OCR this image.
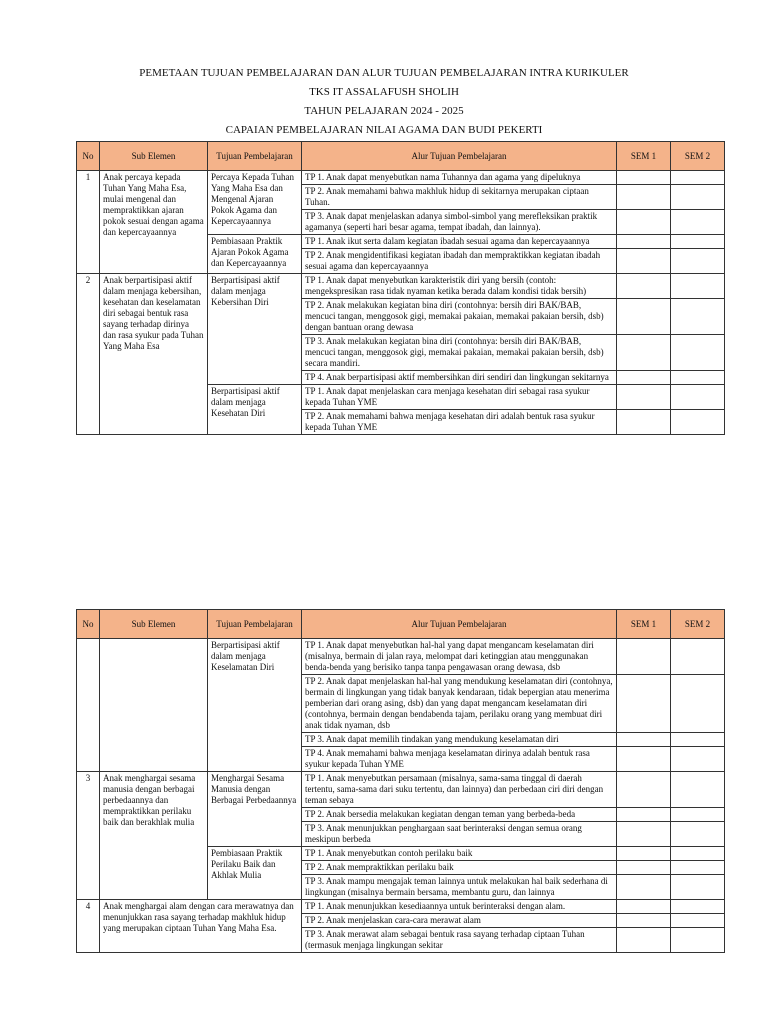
PEMETAAN TUJUAN PEMBELAJARAN DAN ALUR TUJUAN PEMBELAJARAN INTRA KURIKULER
TKS IT ASSALAFUSH SHOLIH
TAHUN PELAJARAN 2024 - 2025
CAPAIAN PEMBELAJARAN NILAI AGAMA DAN BUDI PEKERTI
No	Sub Elemen	Tujuan Pembelajaran	Alur Tujuan Pembelajaran	SEM 1	SEM 2
1	Anak percaya kepada Tuhan Yang Maha Esa, mulai mengenal dan mempraktikkan ajaran pokok sesuai dengan agama dan kepercayaannya	Percaya Kepada Tuhan Yang Maha Esa dan Mengenal Ajaran Pokok Agama dan Kepercayaannya	TP 1. Anak dapat menyebutkan nama Tuhannya dan agama yang dipeluknya		
			TP 2. Anak memahami bahwa makhluk hidup di sekitarnya merupakan ciptaan Tuhan.		
			TP 3. Anak dapat menjelaskan adanya simbol-simbol yang merefleksikan praktik agamanya (seperti hari besar agama, tempat ibadah, dan lainnya).		
		Pembiasaan Praktik Ajaran Pokok Agama dan Kepercayaannya	TP 1. Anak ikut serta dalam kegiatan ibadah sesuai agama dan kepercayaannya		
			TP 2. Anak mengidentifikasi kegiatan ibadah dan mempraktikkan kegiatan ibadah sesuai agama dan kepercayaannya		
2	Anak berpartisipasi aktif dalam menjaga kebersihan, kesehatan dan keselamatan diri sebagai bentuk rasa sayang terhadap dirinya dan rasa syukur pada Tuhan Yang Maha Esa	Berpartisipasi aktif dalam menjaga Kebersihan Diri	TP 1. Anak dapat menyebutkan karakteristik diri yang bersih (contoh: mengekspresikan rasa tidak nyaman ketika berada dalam kondisi tidak bersih)		
			TP 2. Anak melakukan kegiatan bina diri (contohnya: bersih diri BAK/BAB, mencuci tangan, menggosok gigi, memakai pakaian, memakai pakaian bersih, dsb) dengan bantuan orang dewasa		
			TP 3. Anak melakukan kegiatan bina diri (contohnya: bersih diri BAK/BAB, mencuci tangan, menggosok gigi, memakai pakaian, memakai pakaian bersih, dsb) secara mandiri.		
			TP 4. Anak berpartisipasi aktif membersihkan diri sendiri dan lingkungan sekitarnya		
		Berpartisipasi aktif dalam menjaga Kesehatan Diri	TP 1. Anak dapat menjelaskan cara menjaga kesehatan diri sebagai rasa syukur kepada Tuhan YME		
			TP 2. Anak memahami bahwa menjaga kesehatan diri adalah bentuk rasa syukur kepada Tuhan YME		
No	Sub Elemen	Tujuan Pembelajaran	Alur Tujuan Pembelajaran	SEM 1	SEM 2
		Berpartisipasi aktif dalam menjaga Keselamatan Diri	TP 1. Anak dapat menyebutkan hal-hal yang dapat mengancam keselamatan diri (misalnya, bermain di jalan raya, melompat dari ketinggian atau menggunakan benda-benda yang berisiko tanpa tanpa pengawasan orang dewasa, dsb		
			TP 2. Anak dapat menjelaskan hal-hal yang mendukung keselamatan diri (contohnya, bermain di lingkungan yang tidak banyak kendaraan, tidak bepergian atau menerima pemberian dari orang asing, dsb) dan yang dapat mengancam keselamatan diri (contohnya, bermain dengan bendabenda tajam, perilaku orang yang membuat diri anak tidak nyaman, dsb		
			TP 3. Anak dapat memilih tindakan yang mendukung keselamatan diri		
			TP 4. Anak memahami bahwa menjaga keselamatan dirinya adalah bentuk rasa syukur kepada Tuhan YME		
3	Anak menghargai sesama manusia dengan berbagai perbedaannya dan mempraktikkan perilaku baik dan berakhlak mulia	Menghargai Sesama Manusia dengan Berbagai Perbedaannya	TP 1. Anak menyebutkan persamaan (misalnya, sama-sama tinggal di daerah tertentu, sama-sama dari suku tertentu, dan lainnya) dan perbedaan ciri diri dengan teman sebaya		
			TP 2. Anak bersedia melakukan kegiatan dengan teman yang berbeda-beda		
			TP 3. Anak menunjukkan penghargaan saat berinteraksi dengan semua orang meskipun berbeda		
		Pembiasaan Praktik Perilaku Baik dan Akhlak Mulia	TP 1. Anak menyebutkan contoh perilaku baik		
			TP 2. Anak mempraktikkan perilaku baik		
			TP 3. Anak mampu mengajak teman lainnya untuk melakukan hal baik sederhana di lingkungan (misalnya bermain bersama, membantu guru, dan lainnya		
4	Anak menghargai alam dengan cara merawatnya dan menunjukkan rasa sayang terhadap makhluk hidup yang merupakan ciptaan Tuhan Yang Maha Esa.		TP 1. Anak menunjukkan kesediaannya untuk berinteraksi dengan alam.		
			TP 2. Anak menjelaskan cara-cara merawat alam		
			TP 3. Anak merawat alam sebagai bentuk rasa sayang terhadap ciptaan Tuhan (termasuk menjaga lingkungan sekitar		
